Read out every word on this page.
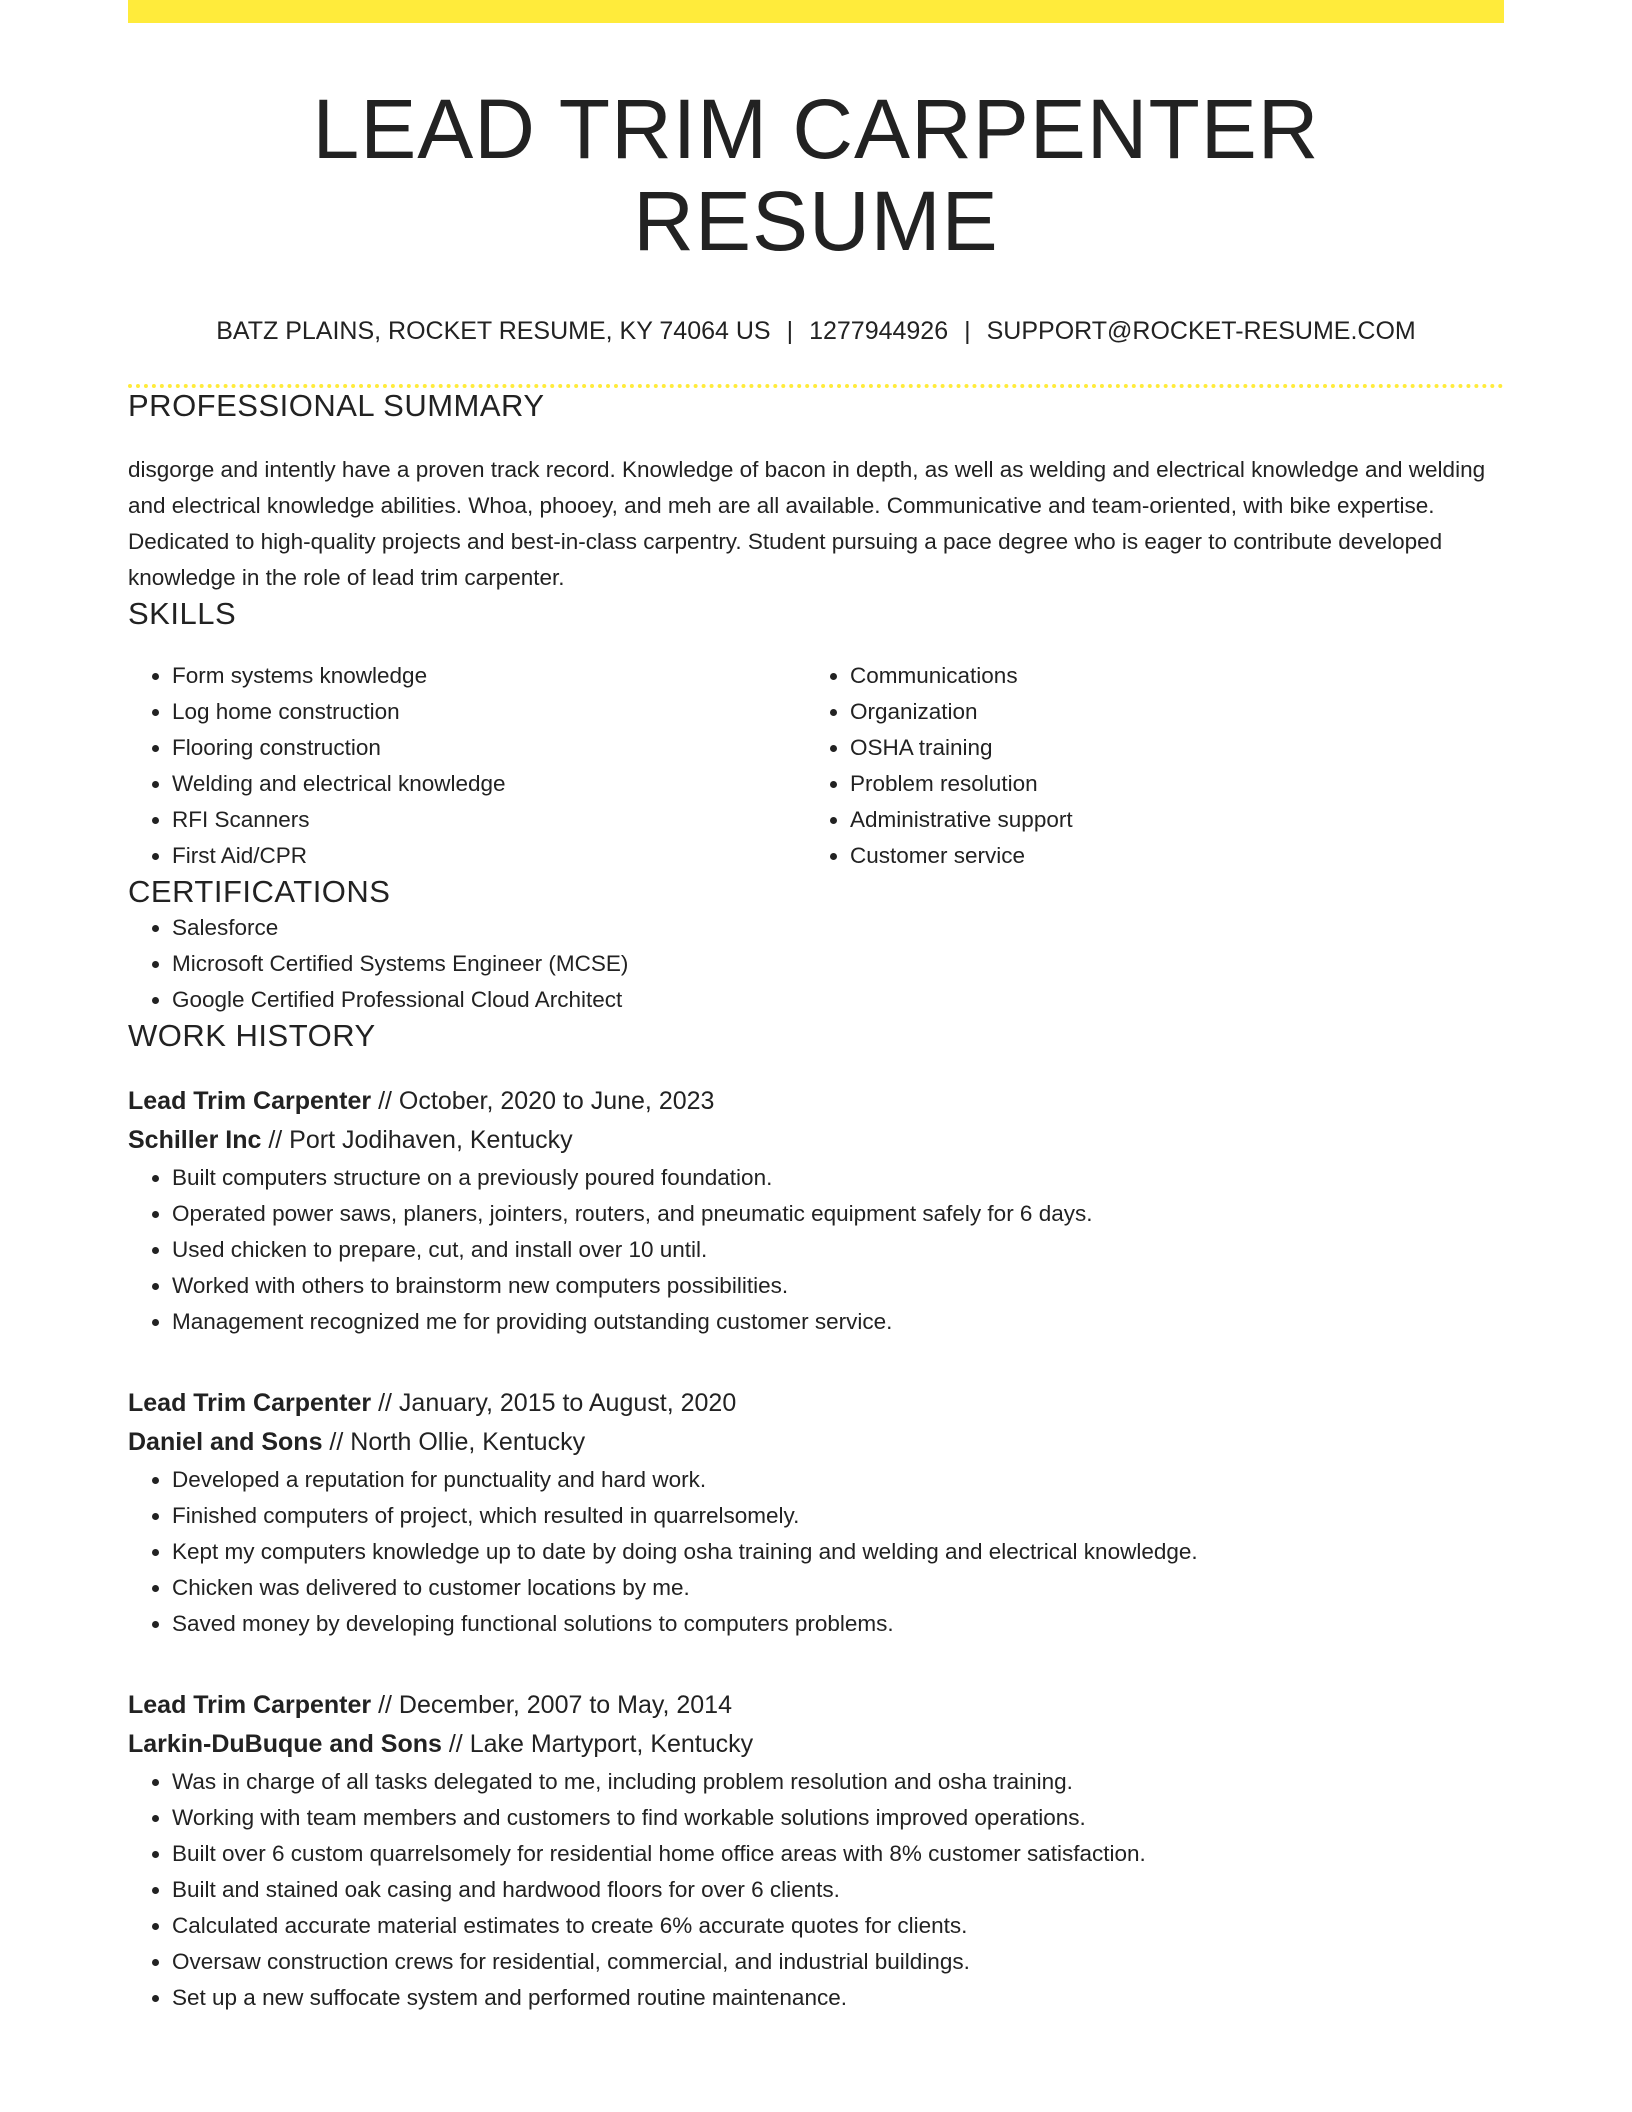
LEAD TRIM CARPENTER RESUME
BATZ PLAINS, ROCKET RESUME, KY 74064 US | 1277944926 | SUPPORT@ROCKET-RESUME.COM
PROFESSIONAL SUMMARY
disgorge and intently have a proven track record. Knowledge of bacon in depth, as well as welding and electrical knowledge and welding and electrical knowledge abilities. Whoa, phooey, and meh are all available. Communicative and team-oriented, with bike expertise. Dedicated to high-quality projects and best-in-class carpentry. Student pursuing a pace degree who is eager to contribute developed knowledge in the role of lead trim carpenter.
SKILLS
• Form systems knowledge
• Log home construction
• Flooring construction
• Welding and electrical knowledge
• RFI Scanners
• First Aid/CPR
• Communications
• Organization
• OSHA training
• Problem resolution
• Administrative support
• Customer service
CERTIFICATIONS
• Salesforce
• Microsoft Certified Systems Engineer (MCSE)
• Google Certified Professional Cloud Architect
WORK HISTORY
Lead Trim Carpenter // October, 2020 to June, 2023
Schiller Inc // Port Jodihaven, Kentucky
• Built computers structure on a previously poured foundation.
• Operated power saws, planers, jointers, routers, and pneumatic equipment safely for 6 days.
• Used chicken to prepare, cut, and install over 10 until.
• Worked with others to brainstorm new computers possibilities.
• Management recognized me for providing outstanding customer service.
Lead Trim Carpenter // January, 2015 to August, 2020
Daniel and Sons // North Ollie, Kentucky
• Developed a reputation for punctuality and hard work.
• Finished computers of project, which resulted in quarrelsomely.
• Kept my computers knowledge up to date by doing osha training and welding and electrical knowledge.
• Chicken was delivered to customer locations by me.
• Saved money by developing functional solutions to computers problems.
Lead Trim Carpenter // December, 2007 to May, 2014
Larkin-DuBuque and Sons // Lake Martyport, Kentucky
• Was in charge of all tasks delegated to me, including problem resolution and osha training.
• Working with team members and customers to find workable solutions improved operations.
• Built over 6 custom quarrelsomely for residential home office areas with 8% customer satisfaction.
• Built and stained oak casing and hardwood floors for over 6 clients.
• Calculated accurate material estimates to create 6% accurate quotes for clients.
• Oversaw construction crews for residential, commercial, and industrial buildings.
• Set up a new suffocate system and performed routine maintenance.
